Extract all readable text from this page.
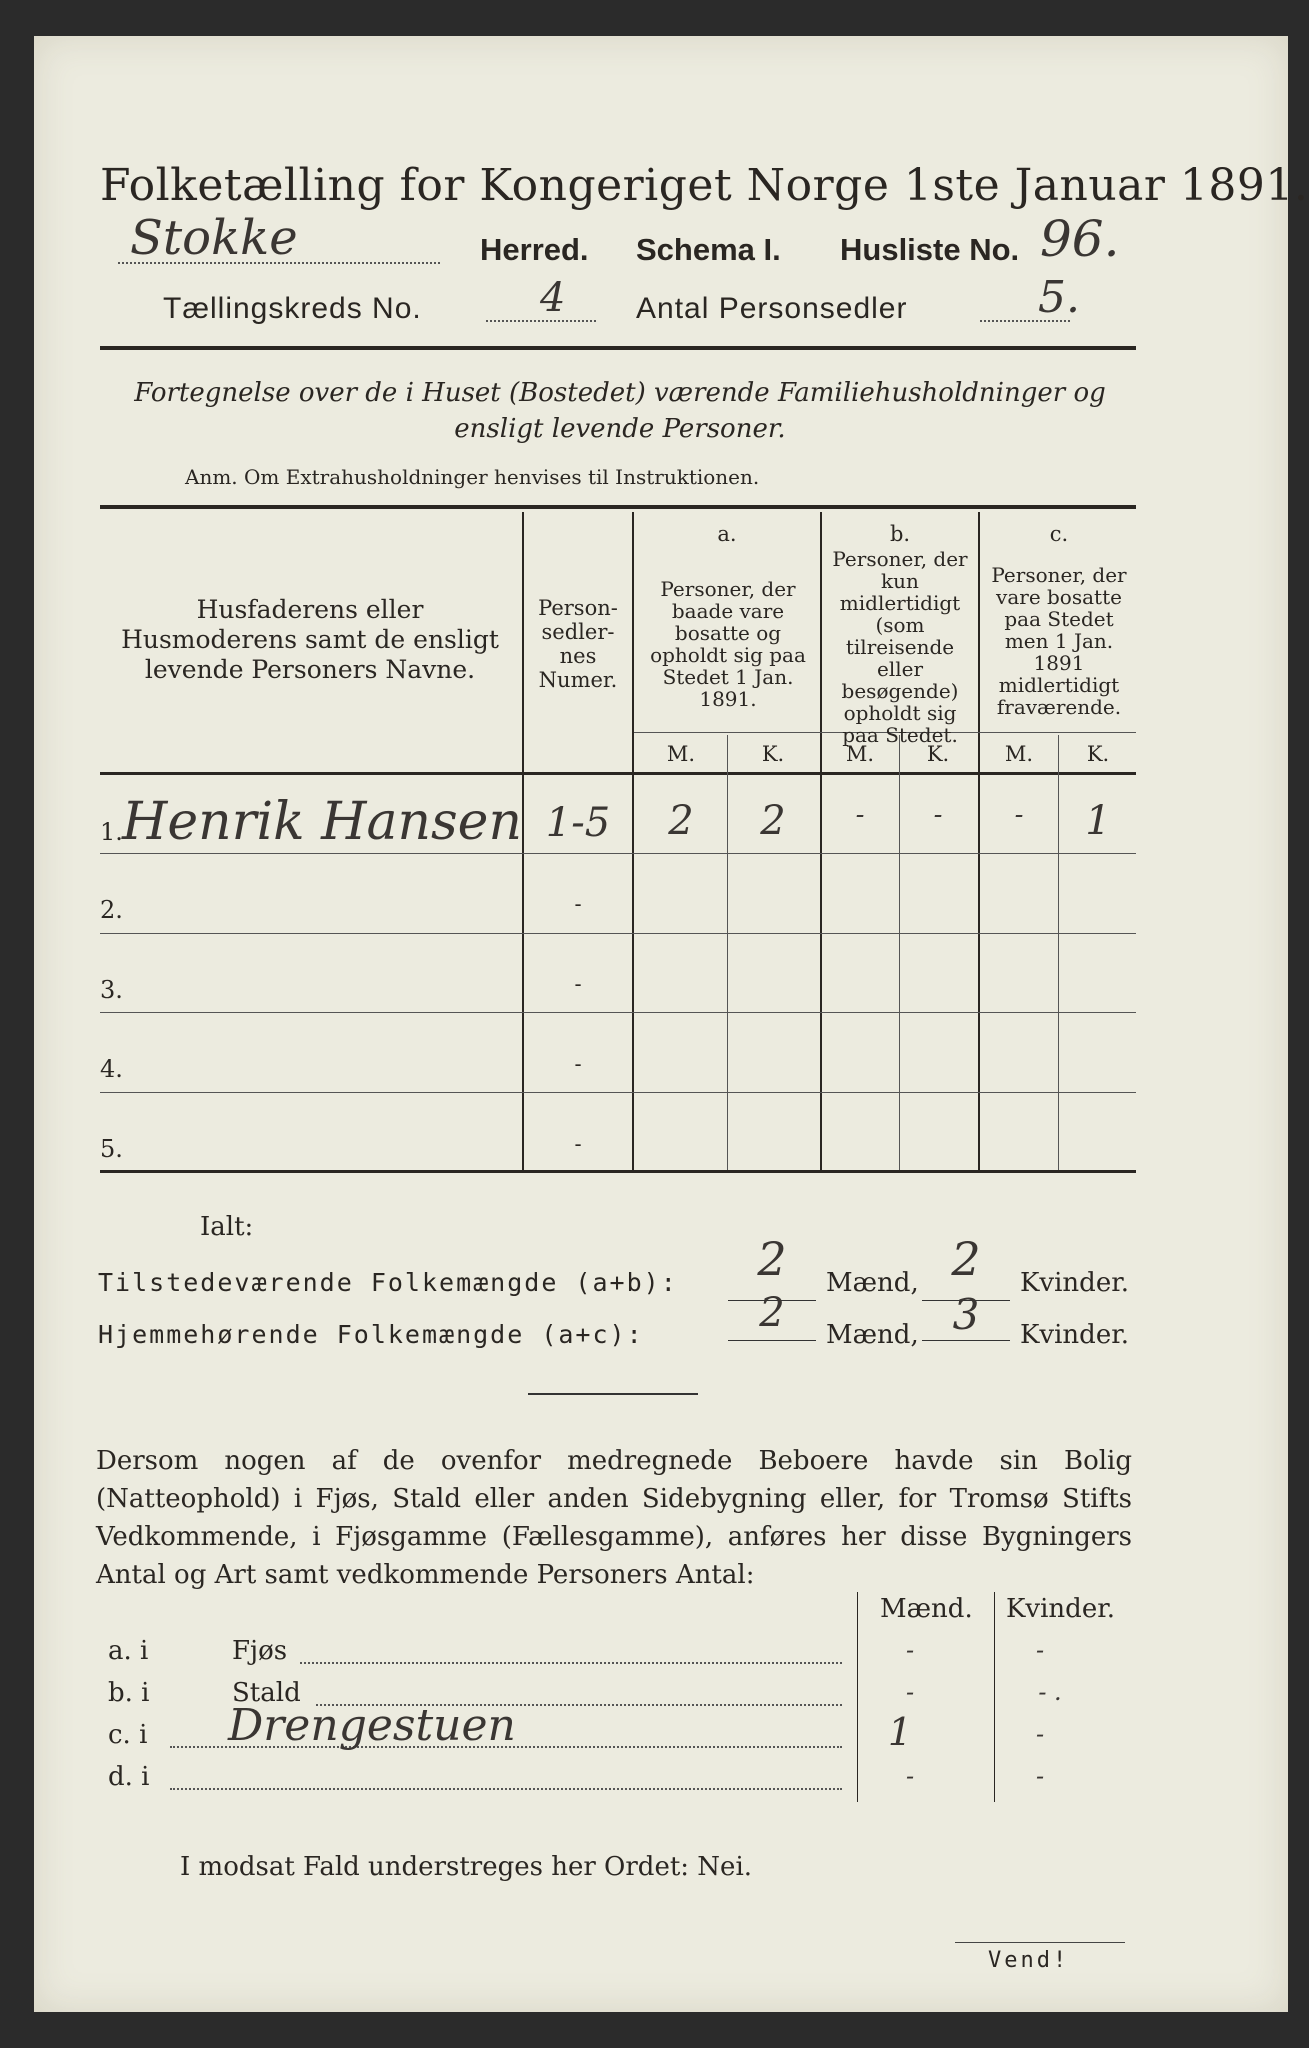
Folketælling for Kongeriget Norge 1ste Januar 1891.
Stokke	Herred. Schema I. Husliste No. 96.
Tællingskreds No.	4 Antal Personsedler	5.
Fortegnelse over de i Huset (Bostedet) værende Familiehusholdninger og ensligt levende Personer.
Anm. Om Extrahusholdninger henvises til Instruktionen.
Husfaderens eller Husmoderens samt de ensligt levende Personers Navne.
Person-sedler-nes Numer.
a.
Personer, der baade vare bosatte og opholdt sig paa Stedet 1 Jan. 1891.
b.
Personer, der kun midlertidigt (som tilreisende eller besøgende) opholdt sig paa Stedet.
c.
Personer, der vare bosatte paa Stedet men 1 Jan. 1891 midlertidigt fraværende.
M.	K.	M.	K.	M.	K.
1. Henrik Hansen 1-5	2	2	-	-	-	1
2.	-
3.	-
4.	-
5.	-
Ialt:
Tilstedeværende Folkemængde (a+b):	2	Mænd, 2	Kvinder.
Hjemmehørende Folkemængde (a+c):	2	Mænd, 3	Kvinder.
Dersom nogen af de ovenfor medregnede Beboere havde sin Bolig (Natteophold) i Fjøs, Stald eller anden Sidebygning eller, for Tromsø Stifts Vedkommende, i Fjøsgamme (Fællesgamme), anføres her disse Bygningers Antal og Art samt vedkommende Personers Antal:
Mænd. Kvinder.
a. i	Fjøs	-	-
b. i	Stald	-	- .
c. i Drengestuen	1	-
d. i	-	-
I modsat Fald understreges her Ordet: Nei.
Vend!
